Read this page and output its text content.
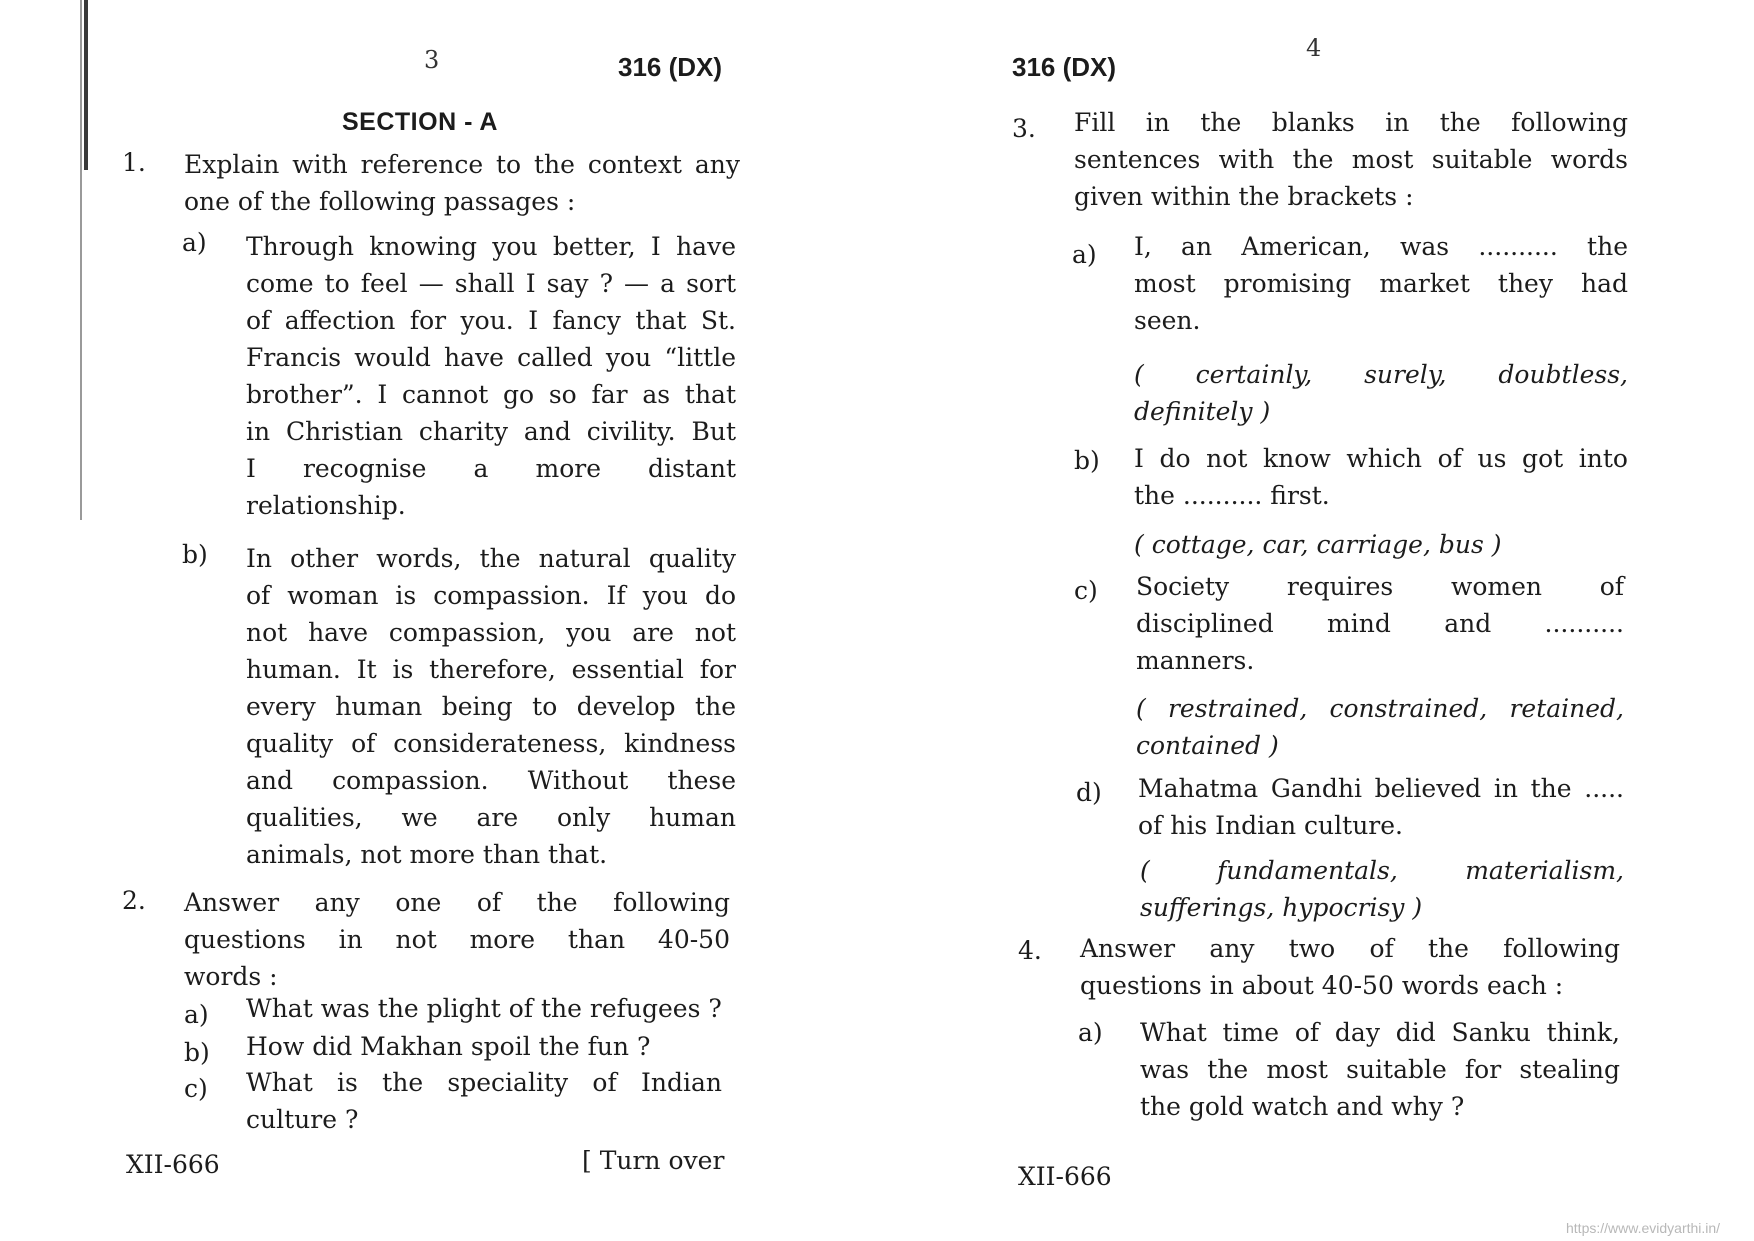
3	316 (DX)
SECTION - A
1. Explain with reference to the context any
one of the following passages :
a) Through knowing you better, I have
come to feel — shall I say ? — a sort
of affection for you. I fancy that St.
Francis would have called you “little
brother”. I cannot go so far as that
in Christian charity and civility. But
I recognise a more distant
relationship.
b) In other words, the natural quality
of woman is compassion. If you do
not have compassion, you are not
human. It is therefore, essential for
every human being to develop the
quality of considerateness, kindness
and compassion. Without these
qualities, we are only human
animals, not more than that.
2. Answer any one of the following
questions in not more than 40-50
words :
a) What was the plight of the refugees ?
b) How did Makhan spoil the fun ?
c) What is the speciality of Indian
culture ?
XII-666	[ Turn over
4
316 (DX)
3. Fill in the blanks in the following
sentences with the most suitable words
given within the brackets :
a) I, an American, was .......... the
most promising market they had
seen.
( certainly, surely, doubtless,
definitely )
b) I do not know which of us got into
the .......... first.
( cottage, car, carriage, bus )
c) Society requires women of
disciplined mind and ..........
manners.
( restrained, constrained, retained,
contained )
d) Mahatma Gandhi believed in the .....
of his Indian culture.
( fundamentals, materialism,
sufferings, hypocrisy )
4. Answer any two of the following
questions in about 40-50 words each :
a) What time of day did Sanku think,
was the most suitable for stealing
the gold watch and why ?
XII-666
https://www.evidyarthi.in/
